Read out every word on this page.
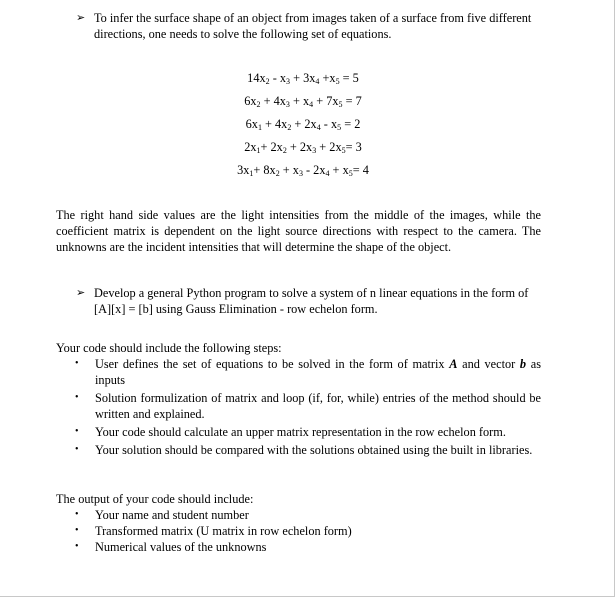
➢ To infer the surface shape of an object from images taken of a surface from five different directions, one needs to solve the following set of equations.
$14x_2 - x_3 + 3x_4 +x_5 = 5$
$6x_2 + 4x_3 + x_4 + 7x_5 = 7$
$6x_1 + 4x_2 + 2x_4 - x_5 = 2$
$2x_1+ 2x_2 + 2x_3 + 2x_5= 3$
$3x_1+ 8x_2 + x_3 - 2x_4 + x_5= 4$
The right hand side values are the light intensities from the middle of the images, while the coefficient matrix is dependent on the light source directions with respect to the camera. The unknowns are the incident intensities that will determine the shape of the object.
➢ Develop a general Python program to solve a system of n linear equations in the form of [A][x] = [b] using Gauss Elimination - row echelon form.
Your code should include the following steps:
• User defines the set of equations to be solved in the form of matrix A and vector b as inputs
• Solution formulization of matrix and loop (if, for, while) entries of the method should be written and explained.
• Your code should calculate an upper matrix representation in the row echelon form.
• Your solution should be compared with the solutions obtained using the built in libraries.
The output of your code should include:
• Your name and student number
• Transformed matrix (U matrix in row echelon form)
• Numerical values of the unknowns
